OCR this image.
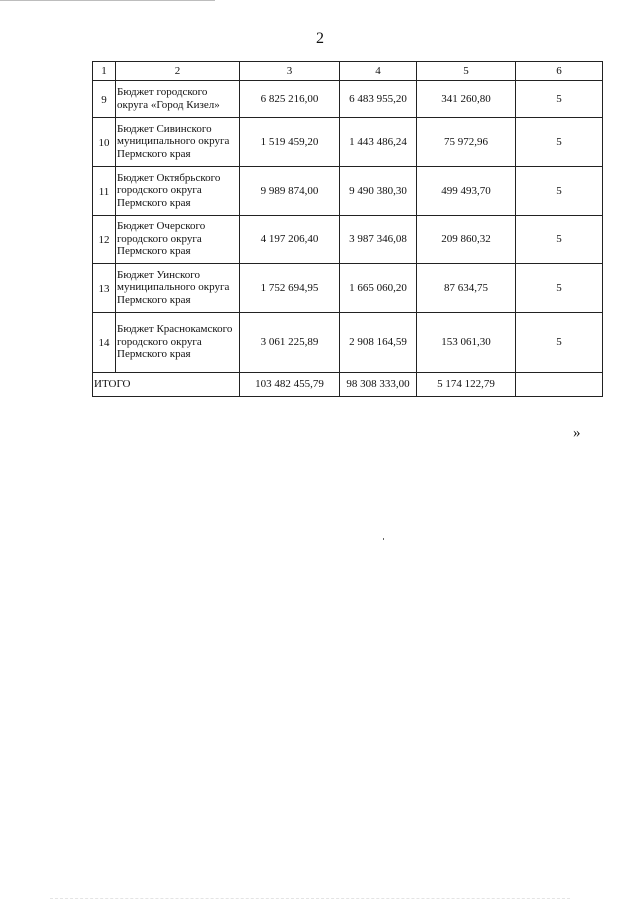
2
1	2	3	4	5	6
9	Бюджет городского округа «Город Кизел»	6 825 216,00	6 483 955,20	341 260,80	5
10	Бюджет Сивинского муниципального округа Пермского края	1 519 459,20	1 443 486,24	75 972,96	5
11	Бюджет Октябрьского городского округа Пермского края	9 989 874,00	9 490 380,30	499 493,70	5
12	Бюджет Очерского городского округа Пермского края	4 197 206,40	3 987 346,08	209 860,32	5
13	Бюджет Уинского муниципального округа Пермского края	1 752 694,95	1 665 060,20	87 634,75	5
14	Бюджет Краснокамского городского округа Пермского края	3 061 225,89	2 908 164,59	153 061,30	5
ИТОГО		103 482 455,79	98 308 333,00	5 174 122,79	
»
